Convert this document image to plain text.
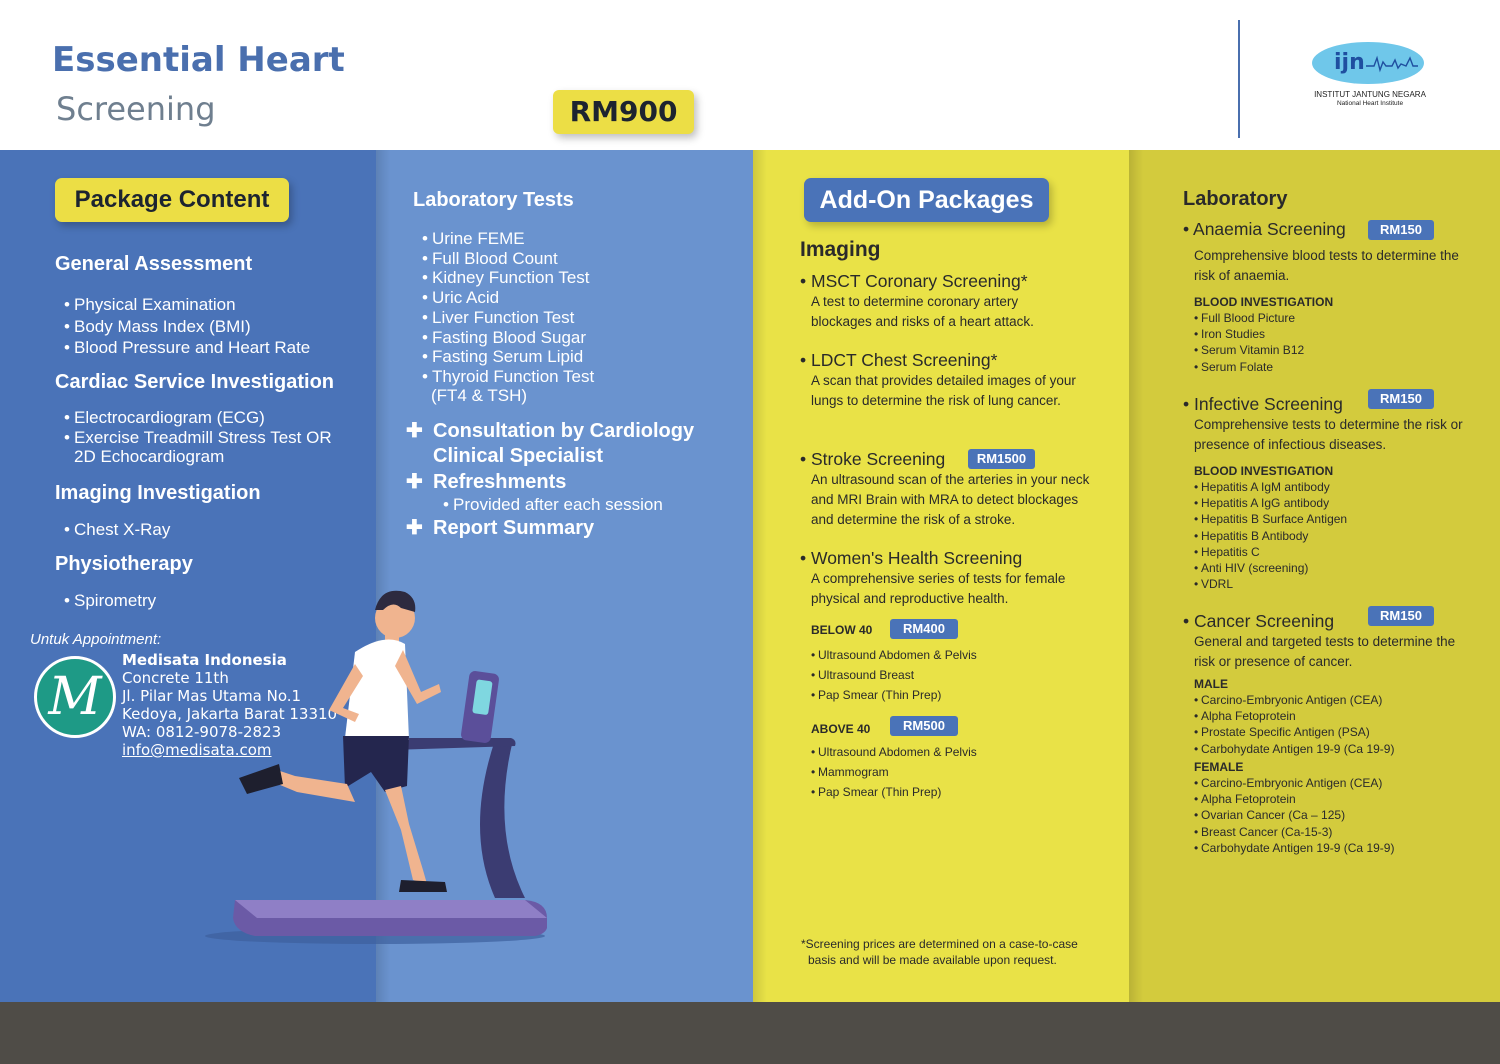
Essential Heart
Screening	RM900
ijn
INSTITUT JANTUNG NEGARA
National Heart Institute
Package Content
General Assessment
• Physical Examination
• Body Mass Index (BMI)
• Blood Pressure and Heart Rate
Cardiac Service Investigation
• Electrocardiogram (ECG)
• Exercise Treadmill Stress Test OR
2D Echocardiogram
Imaging Investigation
• Chest X-Ray
Physiotherapy
• Spirometry
Untuk Appointment:
M
Medisata Indonesia
Concrete 11th
Jl. Pilar Mas Utama No.1
Kedoya, Jakarta Barat 13310
WA: 0812-9078-2823
info@medisata.com
Laboratory Tests
• Urine FEME
• Full Blood Count
• Kidney Function Test
• Uric Acid
• Liver Function Test
• Fasting Blood Sugar
• Fasting Serum Lipid
• Thyroid Function Test
(FT4 & TSH)
✚ Consultation by Cardiology
Clinical Specialist
✚ Refreshments
• Provided after each session
✚ Report Summary
Add-On Packages
Imaging
• MSCT Coronary Screening*
A test to determine coronary artery blockages and risks of a heart attack.
• LDCT Chest Screening*
A scan that provides detailed images of your lungs to determine the risk of lung cancer.
• Stroke Screening	RM1500
An ultrasound scan of the arteries in your neck and MRI Brain with MRA to detect blockages and determine the risk of a stroke.
• Women's Health Screening
A comprehensive series of tests for female physical and reproductive health.
BELOW 40	RM400
• Ultrasound Abdomen & Pelvis
• Ultrasound Breast
• Pap Smear (Thin Prep)
ABOVE 40	RM500
• Ultrasound Abdomen & Pelvis
• Mammogram
• Pap Smear (Thin Prep)
*Screening prices are determined on a case-to-case
basis and will be made available upon request.
Laboratory
• Anaemia Screening	RM150
Comprehensive blood tests to determine the risk of anaemia.
BLOOD INVESTIGATION
• Full Blood Picture
• Iron Studies
• Serum Vitamin B12
• Serum Folate
• Infective Screening	RM150
Comprehensive tests to determine the risk or presence of infectious diseases.
BLOOD INVESTIGATION
• Hepatitis A IgM antibody
• Hepatitis A IgG antibody
• Hepatitis B Surface Antigen
• Hepatitis B Antibody
• Hepatitis C
• Anti HIV (screening)
• VDRL
• Cancer Screening	RM150
General and targeted tests to determine the risk or presence of cancer.
MALE
• Carcino-Embryonic Antigen (CEA)
• Alpha Fetoprotein
• Prostate Specific Antigen (PSA)
• Carbohydate Antigen 19-9 (Ca 19-9)
FEMALE
• Carcino-Embryonic Antigen (CEA)
• Alpha Fetoprotein
• Ovarian Cancer (Ca – 125)
• Breast Cancer (Ca-15-3)
• Carbohydate Antigen 19-9 (Ca 19-9)
